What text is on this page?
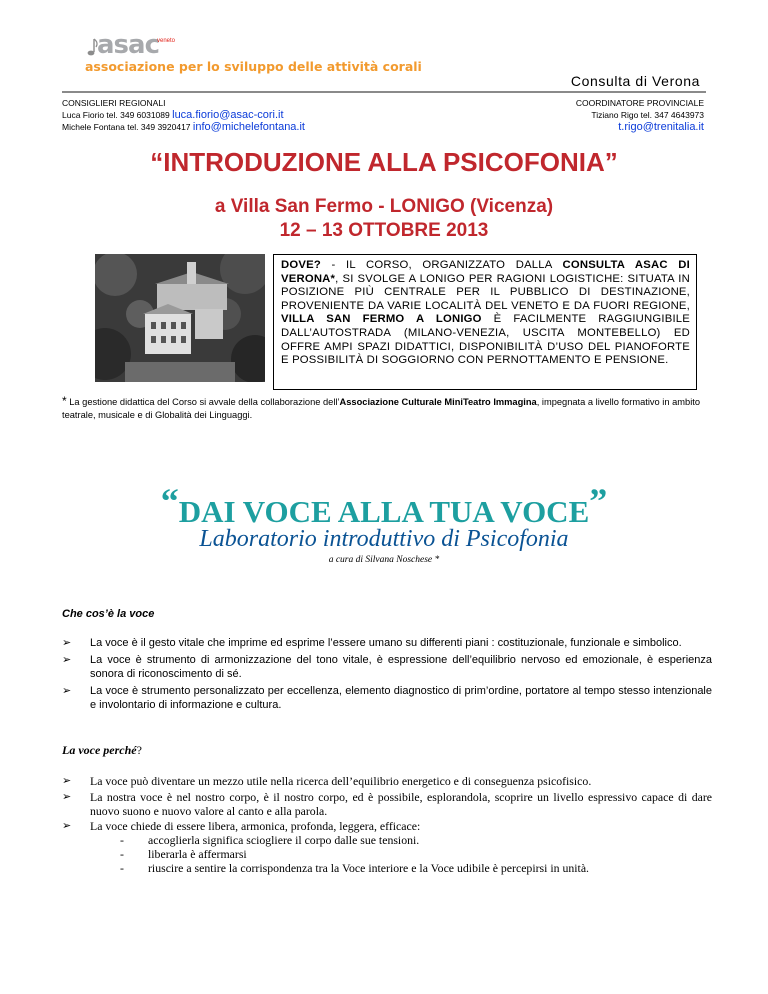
asac
veneto
associazione per lo sviluppo delle attività corali
Consulta di Verona
CONSIGLIERI REGIONALI
Luca Fiorio tel. 349 6031089 luca.fiorio@asac-cori.it
Michele Fontana tel. 349 3920417 info@michelefontana.it
COORDINATORE PROVINCIALE
Tiziano Rigo tel. 347 4643973
t.rigo@trenitalia.it
“INTRODUZIONE ALLA PSICOFONIA”
a Villa San Fermo - LONIGO (Vicenza)
12 – 13 OTTOBRE 2013
DOVE? - IL CORSO, ORGANIZZATO DALLA CONSULTA ASAC DI VERONA*, SI SVOLGE A LONIGO PER RAGIONI LOGISTICHE: SITUATA IN POSIZIONE PIÙ CENTRALE PER IL PUBBLICO DI DESTINAZIONE, PROVENIENTE DA VARIE LOCALITÀ DEL VENETO E DA FUORI REGIONE, VILLA SAN FERMO A LONIGO È FACILMENTE RAGGIUNGIBILE DALL’AUTOSTRADA (MILANO-VENEZIA, USCITA MONTEBELLO) ED OFFRE AMPI SPAZI DIDATTICI, DISPONIBILITÀ D’USO DEL PIANOFORTE E POSSIBILITÀ DI SOGGIORNO CON PERNOTTAMENTO E PENSIONE.
* La gestione didattica del Corso si avvale della collaborazione dell’Associazione Culturale MiniTeatro Immagina, impegnata a livello formativo in ambito teatrale, musicale e di Globalità dei Linguaggi.
“DAI VOCE ALLA TUA VOCE”
Laboratorio introduttivo di Psicofonia
a cura di Silvana Noschese *
Che cos’è la voce
➢ La voce è il gesto vitale che imprime ed esprime l’essere umano su differenti piani : costituzionale, funzionale e simbolico.
➢ La voce è strumento di armonizzazione del tono vitale, è espressione dell’equilibrio nervoso ed emozionale, è esperienza sonora di riconoscimento di sé.
➢ La voce è strumento personalizzato per eccellenza, elemento diagnostico di prim’ordine, portatore al tempo stesso intenzionale e involontario di informazione e cultura.
La voce perché?
➢ La voce può diventare un mezzo utile nella ricerca dell’equilibrio energetico e di conseguenza psicofisico.
➢ La nostra voce è nel nostro corpo, è il nostro corpo, ed è possibile, esplorandola, scoprire un livello espressivo capace di dare nuovo suono e nuovo valore al canto e alla parola.
➢ La voce chiede di essere libera, armonica, profonda, leggera, efficace:
- accoglierla significa sciogliere il corpo dalle sue tensioni.
- liberarla è affermarsi
- riuscire a sentire la corrispondenza tra la Voce interiore e la Voce udibile è percepirsi in unità.
